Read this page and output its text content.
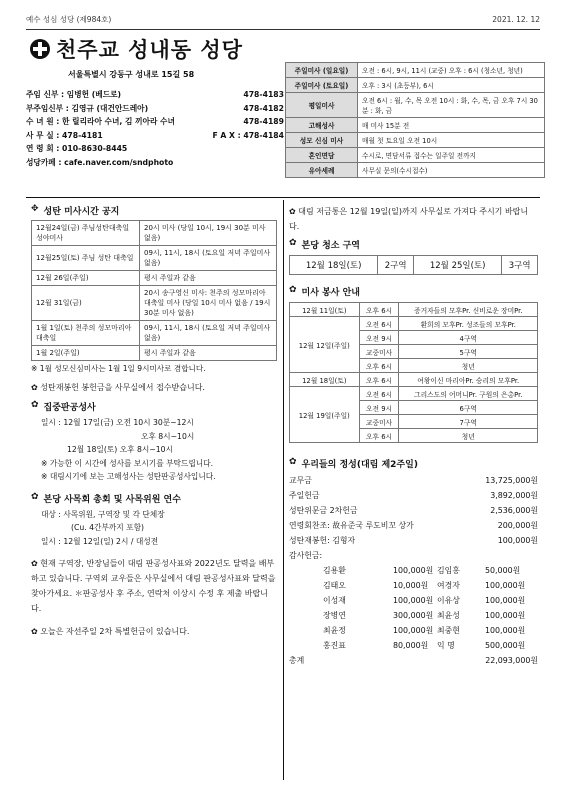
예수 성심 성당 (제984호)	2021. 12. 12
천주교 성내동 성당
서울특별시 강동구 성내로 15길 58
주임 신부 : 임병헌 (베드로)	478-4183
부주임신부 : 김영규 (대건안드레아)	478-4182
수 녀 원 : 한 릴리라아 수녀, 김 끼아라 수녀	478-4189
사 무 실 : 478-4181	F A X : 478-4184
연 령 회 : 010-8630-8445
성당카페 : cafe.naver.com/sndphoto
주일미사 (일요일)	오전 : 6시, 9시, 11시 (교중) 오후 : 6시 (청소년, 청년)
주일미사 (토요일)	오후 : 3시 (초등부), 6시
평일미사	오전 6시 : 월, 수, 목 오전 10시 : 화, 수, 목, 금 오후 7시 30분 : 화, 금
고해성사	매 미사 15분 전
성모 신심 미사	매월 첫 토요일 오전 10시
혼인면담	수시로, 면담서류 접수는 일주일 전까지
유아세례	사무실 문의(수시접수)
✥ 성탄 미사시간 공지
12월24일(금) 주님성탄대축일 성야미사	20시 미사 (당일 10시, 19시 30분 미사 없음)
12월25일(토) 주님 성탄 대축일	09시, 11시, 18시 (토요일 저녁 주일미사 없음)
12월 26일(주일)	평시 주일과 같음
12월 31일(금)	20시 송구영신 미사: 천주의 성모마리아 대축일 미사 (당일 10시 미사 없음 / 19시 30분 미사 없음)
1월 1일(토) 천주의 성모마리아 대축일	09시, 11시, 18시 (토요일 저녁 주일미사 없음)
1월 2일(주일)	평시 주일과 같음
※ 1월 성모신심미사는 1월 1일 9시미사로 겸합니다.
✿ 성탄재봉헌 봉헌금을 사무실에서 접수받습니다.
✿ 집중판공성사
일시 : 12월 17일(금) 오전 10시 30분~12시
오후 8시~10시
12월 18일(토) 오후 8시~10시
※ 가능한 이 시간에 성사를 보시기를 부탁드립니다.
※ 대림시기에 보는 고해성사는 성탄판공성사입니다.
✿ 본당 사목회 총회 및 사목위원 연수
대상 : 사목위원, 구역장 및 각 단체장
(Cu. 4간부까지 포함)
일시 : 12월 12일(일) 2시 / 대성전
✿ 현재 구역장, 반장님들이 대림 판공성사표와 2022년도 달력을 배부하고 있습니다. 구역외 교우들은 사무실에서 대림 판공성사표와 달력을 찾아가세요. ＊판공성사 후 주소, 연락처 이상시 수정 후 제출 바랍니다.
✿ 오늘은 자선주일 2차 특별헌금이 있습니다.
✿ 대림 저금통은 12월 19일(일)까지 사무실로 가져다 주시기 바랍니다.
✿ 본당 청소 구역
12월 18일(토)	2구역	12월 25일(토)	3구역
✿ 미사 봉사 안내
12월 11일(토)	오후 6시	증거자들의 모후Pr. 신비로운 장미Pr.
12월 12일(주일)	오전 6시	환희의 모후Pr. 성조들의 모후Pr.
	오전 9시	4구역
	교중미사	5구역
	오후 6시	청년
12월 18일(토)	오후 6시	여왕이신 마리아Pr. 승리의 모후Pr.
12월 19일(주일)	오전 6시	그리스도의 어머니Pr. 구원의 은총Pr.
	오전 9시	6구역
	교중미사	7구역
	오후 6시	청년
✿ 우리들의 정성(대림 제2주일)
교무금	13,725,000원
주일헌금	3,892,000원
성탄위문금 2차헌금	2,536,000원
연령회찬조: 故유준국 루도비꼬 상가	200,000원
성탄재봉헌: 김형자	100,000원
감사헌금:
김용환	100,000원 김임홍	50,000원
김태오	10,000원	여경자	100,000원
이성재	100,000원 이유상	100,000원
장병연	300,000원 최윤성	100,000원
최윤정	100,000원 최중현	100,000원
홍진표	80,000원	익 명	500,000원
총계	22,093,000원
